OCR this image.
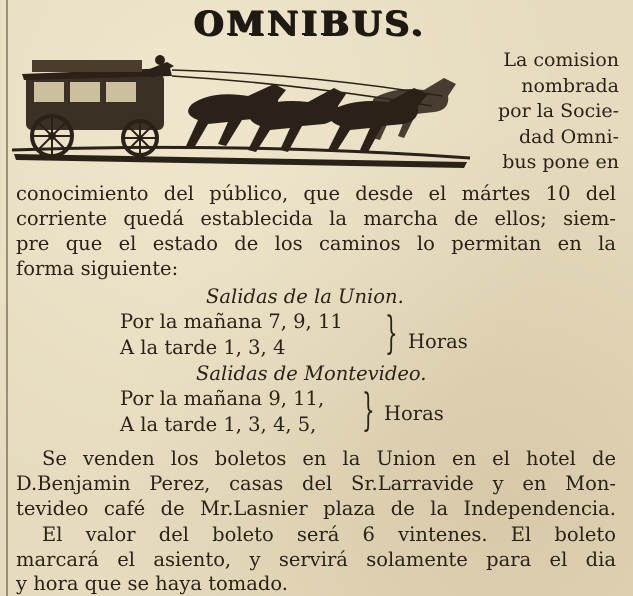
OMNIBUS.
La comision
nombrada
por la Socie-
dad Omni-
bus pone en
conocimiento del público, que desde el mártes 10 del
corriente quedá establecida la marcha de ellos; siem-
pre que el estado de los caminos lo permitan en la
forma siguiente:
Salidas de la Union.
Por la mañana 7, 9, 11
A la tarde 1, 3, 4 } Horas
Salidas de Montevideo.
Por la mañana 9, 11,
A la tarde 1, 3, 4, 5, } Horas
Se venden los boletos en la Union en el hotel de
D.Benjamin Perez, casas del Sr.Larravide y en Mon-
tevideo café de Mr.Lasnier plaza de la Independencia.
El valor del boleto será 6 vintenes. El boleto
marcará el asiento, y servirá solamente para el dia
y hora que se haya tomado.
